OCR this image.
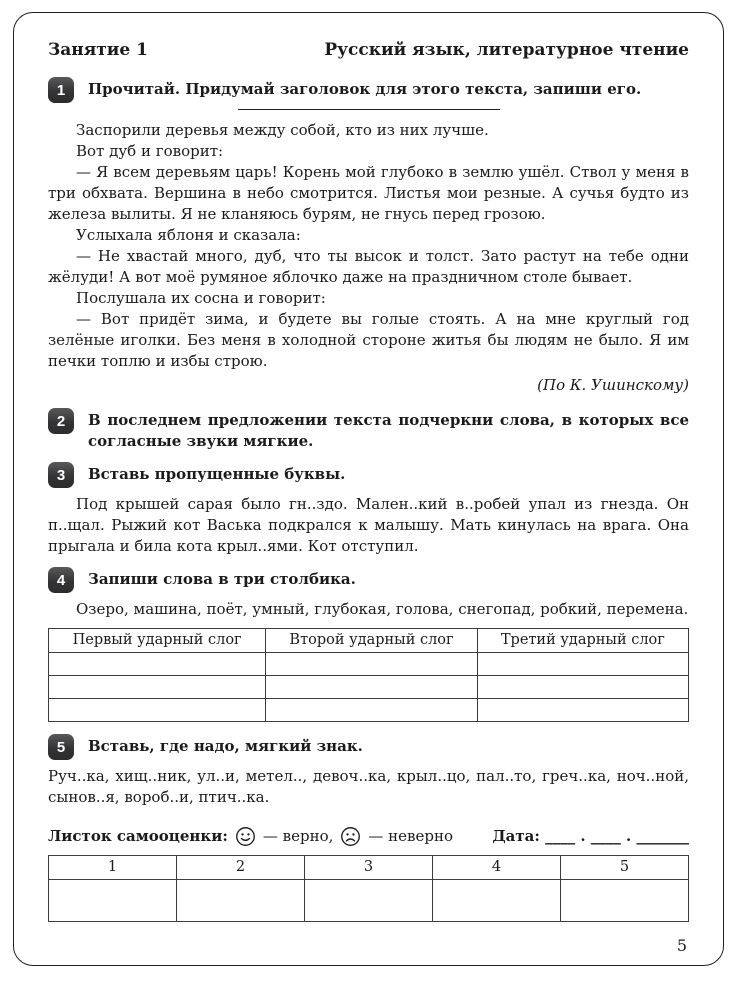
Занятие 1	Русский язык, литературное чтение
1	Прочитай. Придумай заголовок для этого текста, запиши его.

Заспорили деревья между собой, кто из них лучше.

Вот дуб и говорит:

— Я всем деревьям царь! Корень мой глубоко в землю ушёл. Ствол у меня в три обхвата. Вершина в небо смотрится. Листья мои резные. А сучья будто из железа вылиты. Я не кланяюсь бурям, не гнусь перед грозою.

Услыхала яблоня и сказала:

— Не хвастай много, дуб, что ты высок и толст. Зато растут на тебе одни жёлуди! А вот моё румяное яблочко даже на праздничном столе бывает.

Послушала их сосна и говорит:

— Вот придёт зима, и будете вы голые стоять. А на мне круглый год зелёные иголки. Без меня в холодной стороне житья бы людям не было. Я им печки топлю и избы строю.

(По К. Ушинскому)
2	В последнем предложении текста подчеркни слова, в которых все согласные звуки мягкие.
3	Вставь пропущенные буквы.

Под крышей сарая было гн..здо. Мален..кий в..робей упал из гнезда. Он п..щал. Рыжий кот Васька подкрался к малышу. Мать кинулась на врага. Она прыгала и била кота крыл..ями. Кот отступил.

4	Запиши слова в три столбика.

Озеро, машина, поёт, умный, глубокая, голова, снегопад, робкий, перемена.

Первый ударный слог	Второй ударный слог	Третий ударный слог

5	Вставь, где надо, мягкий знак.

Руч..ка, хищ..ник, ул..и, метел.., девоч..ка, крыл..цо, пал..то, греч..ка, ноч..ной, сынов..я, вороб..и, птич..ка.

Листок самооценки: — верно, — неверно	Дата: ____ . ____ . _______
1	2	3	4	5

5
